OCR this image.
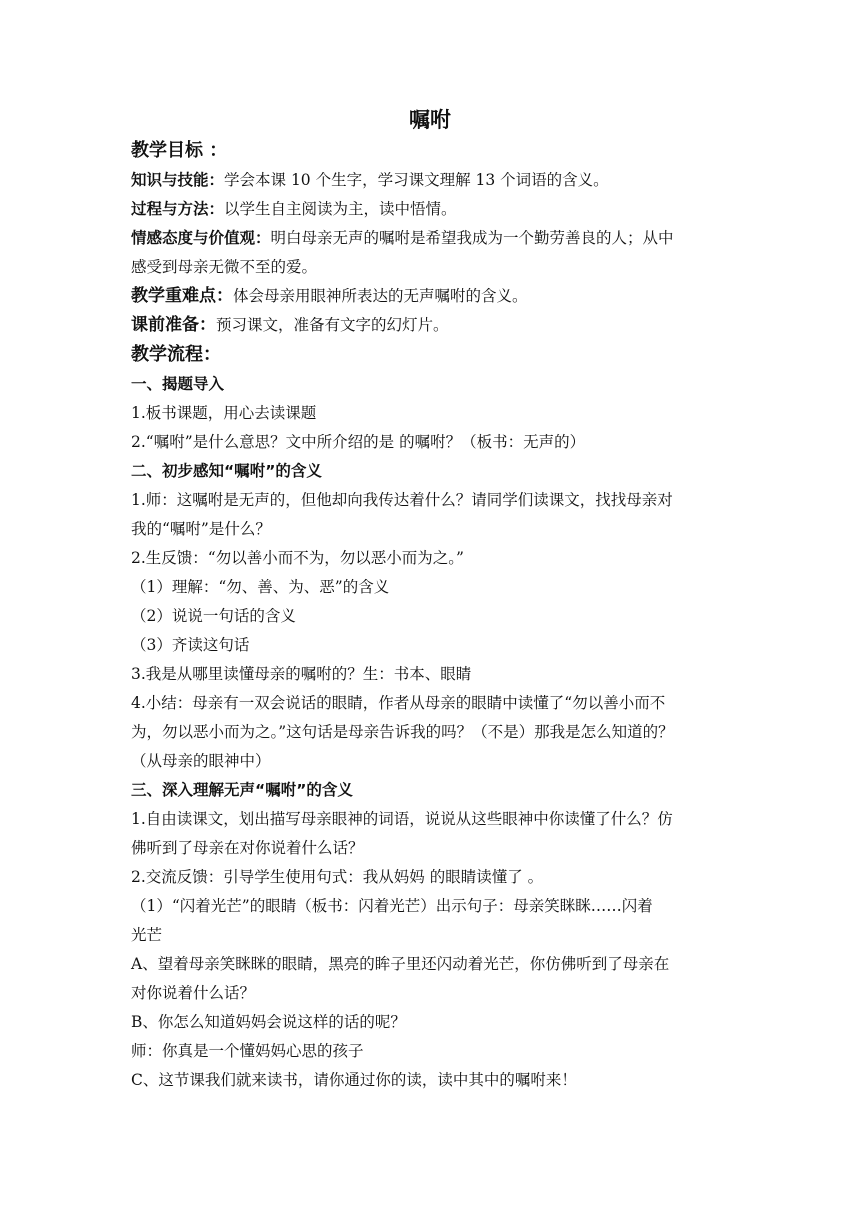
嘱咐
教学目标 ：
知识与技能：学会本课 10 个生字，学习课文理解 13 个词语的含义。
过程与方法：以学生自主阅读为主，读中悟情。
情感态度与价值观：明白母亲无声的嘱咐是希望我成为一个勤劳善良的人；从中
感受到母亲无微不至的爱。
教学重难点：体会母亲用眼神所表达的无声嘱咐的含义。
课前准备：预习课文，准备有文字的幻灯片。
教学流程：
一、揭题导入
1.板书课题，用心去读课题
2.“嘱咐”是什么意思？文中所介绍的是 的嘱咐？（板书：无声的）
二、初步感知“嘱咐”的含义
1.师：这嘱咐是无声的，但他却向我传达着什么？请同学们读课文，找找母亲对
我的“嘱咐”是什么？
2.生反馈：“勿以善小而不为，勿以恶小而为之。”
（1）理解：“勿、善、为、恶”的含义
（2）说说一句话的含义
（3）齐读这句话
3.我是从哪里读懂母亲的嘱咐的？生：书本、眼睛
4.小结：母亲有一双会说话的眼睛，作者从母亲的眼睛中读懂了“勿以善小而不
为，勿以恶小而为之。”这句话是母亲告诉我的吗？（不是）那我是怎么知道的？
（从母亲的眼神中）
三、深入理解无声“嘱咐”的含义
1.自由读课文，划出描写母亲眼神的词语，说说从这些眼神中你读懂了什么？仿
佛听到了母亲在对你说着什么话？
2.交流反馈：引导学生使用句式：我从妈妈 的眼睛读懂了 。
（1）“闪着光芒”的眼睛（板书：闪着光芒）出示句子：母亲笑眯眯……闪着
光芒
A、望着母亲笑眯眯的眼睛，黑亮的眸子里还闪动着光芒，你仿佛听到了母亲在
对你说着什么话？
B、你怎么知道妈妈会说这样的话的呢？
师：你真是一个懂妈妈心思的孩子
C、这节课我们就来读书，请你通过你的读，读中其中的嘱咐来！
